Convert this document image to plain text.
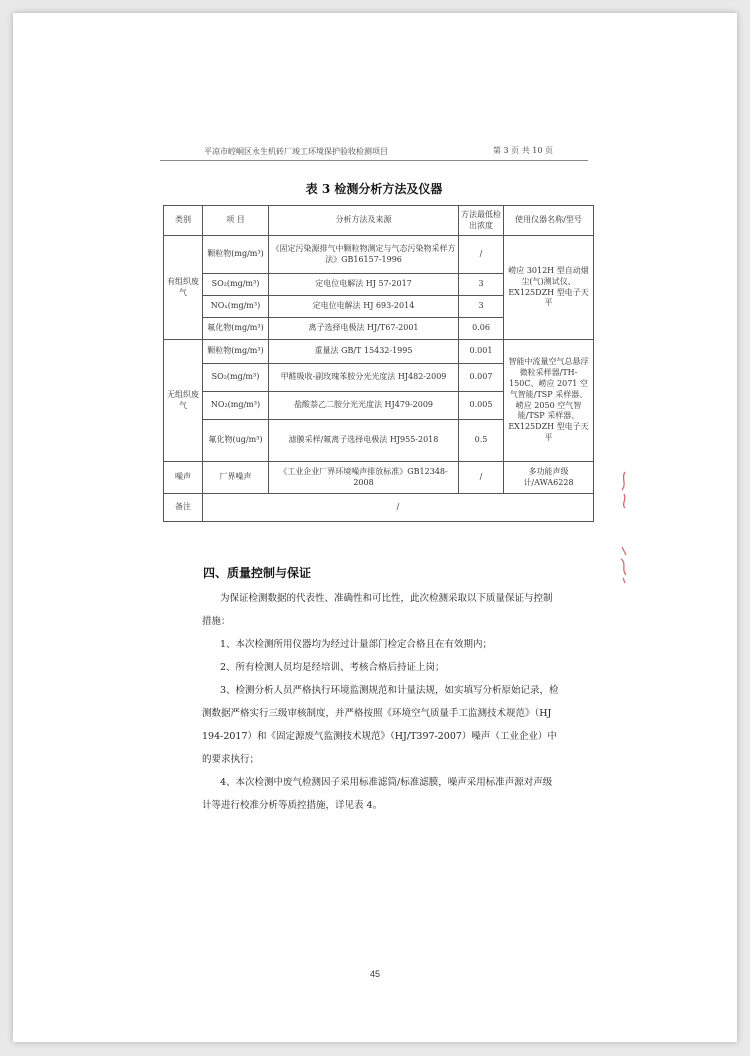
平凉市崆峒区永生机砖厂竣工环境保护验收检测项目	第 3 页 共 10 页
表 3 检测分析方法及仪器
类别	项 目	分析方法及来源	方法最低检出浓度	使用仪器名称/型号
有组织废气	颗粒物(mg/m³)	《固定污染源排气中颗粒物测定与气态污染物采样方法》GB16157-1996	/	崂应 3012H 型自动烟尘(气)测试仪、EX125DZH 型电子天平
	SO₂(mg/m³)	定电位电解法 HJ 57-2017	3	
	NOₓ(mg/m³)	定电位电解法 HJ 693-2014	3	
	氟化物(mg/m³)	离子选择电极法 HJ/T67-2001	0.06	
无组织废气	颗粒物(mg/m³)	重量法 GB/T 15432-1995	0.001	智能中流量空气总悬浮微粒采样器/TH-150C、崂应 2071 空气智能/TSP 采样器、崂应 2050 空气智能/TSP 采样器、EX125DZH 型电子天平
	SO₂(mg/m³)	甲醛吸收-副玫瑰苯胺分光光度法 HJ482-2009	0.007	
	NO₂(mg/m³)	盐酸萘乙二胺分光光度法 HJ479-2009	0.005	
	氟化物(ug/m³)	滤膜采样/氟离子选择电极法 HJ955-2018	0.5	
噪声	厂界噪声	《工业企业厂界环境噪声排放标准》GB12348-2008	/	多功能声级计/AWA6228
备注	/			
四、质量控制与保证
为保证检测数据的代表性、准确性和可比性，此次检测采取以下质量保证与控制措施：
1、本次检测所用仪器均为经过计量部门检定合格且在有效期内；
2、所有检测人员均是经培训、考核合格后持证上岗；
3、检测分析人员严格执行环境监测规范和计量法规，如实填写分析原始记录，检测数据严格实行三级审核制度，并严格按照《环境空气质量手工监测技术规范》（HJ 194-2017）和《固定源废气监测技术规范》（HJ/T397-2007）噪声（工业企业）中的要求执行；
4、本次检测中废气检测因子采用标准滤筒/标准滤膜，噪声采用标准声源对声级计等进行校准分析等质控措施，详见表 4。
45
